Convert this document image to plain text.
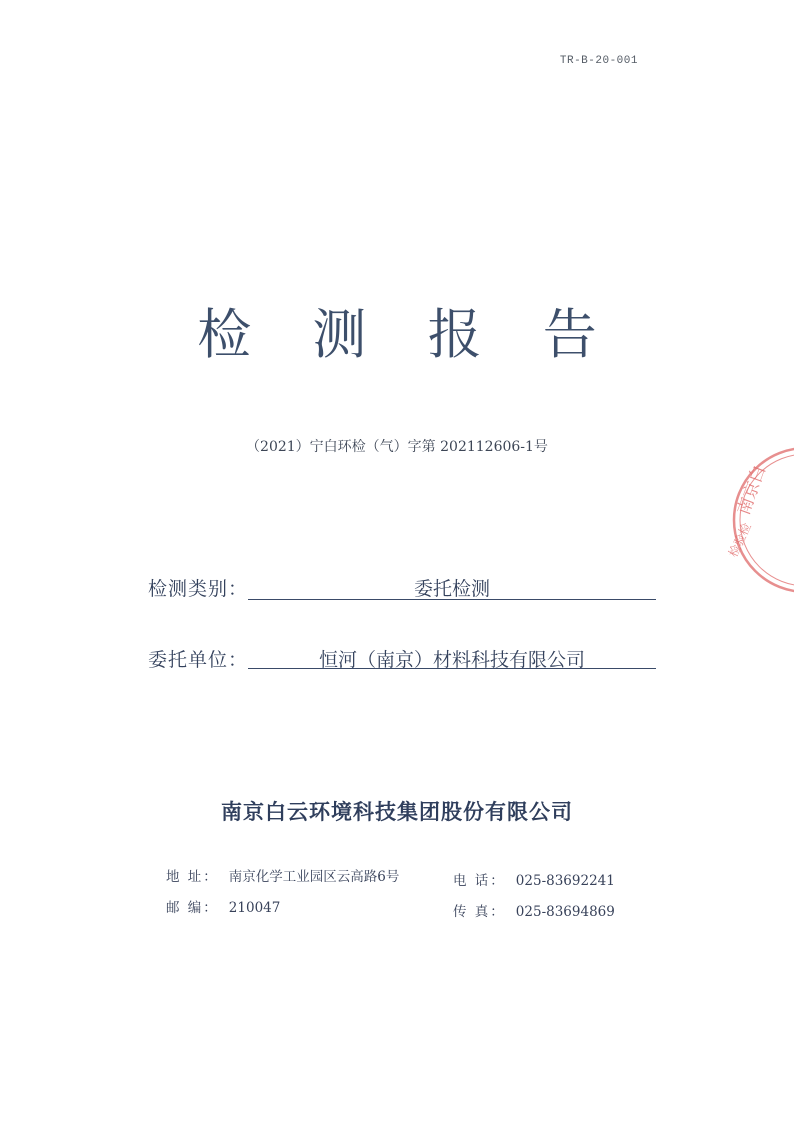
TR-B-20-001
检 测 报 告
（2021）宁白环检（气）字第 202112606-1号
检测类别：	委托检测
委托单位：	恒河（南京）材料科技有限公司
南京白云环境科技集团股份有限公司
地 址： 南京化学工业园区云高路6号
邮 编： 210047
电 话： 025-83692241
传 真： 025-83694869
南京白
检验检
